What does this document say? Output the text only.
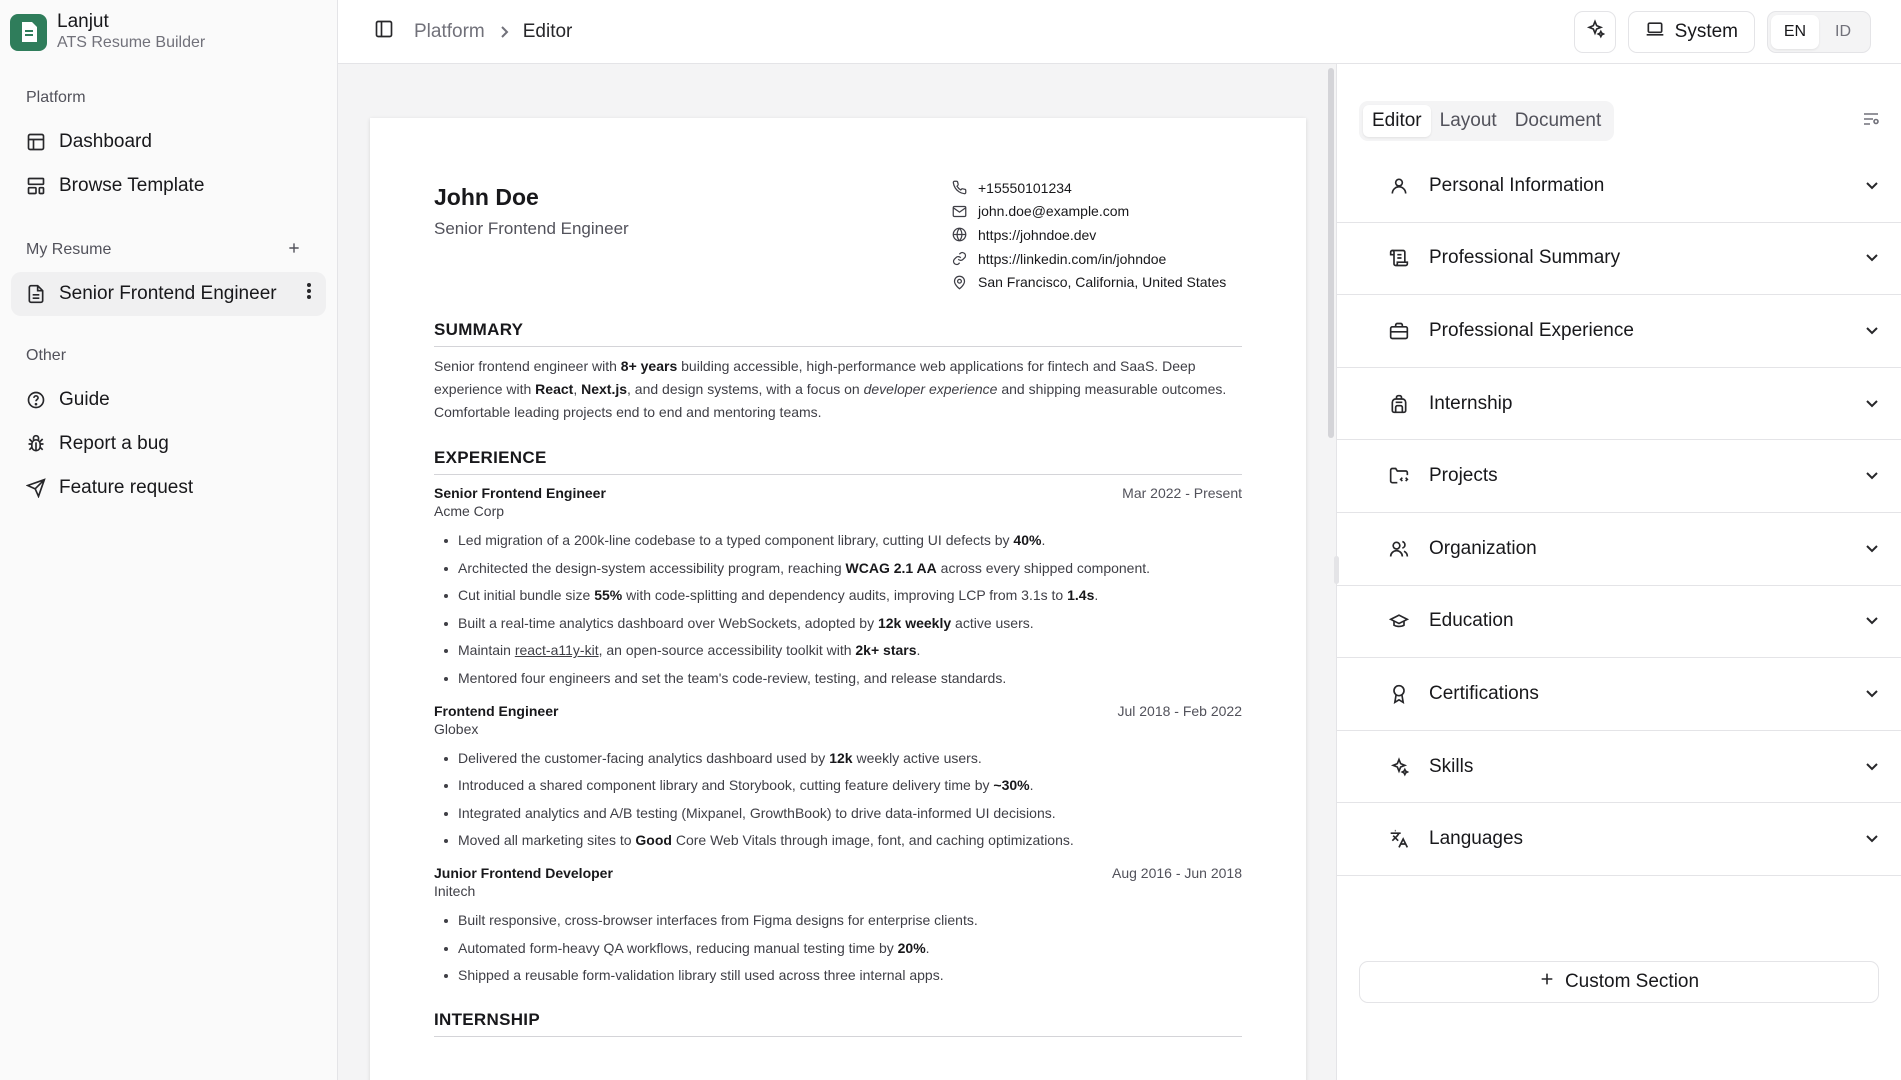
Lanjut
ATS Resume Builder
Platform
Dashboard
Browse Template
My Resume
Senior Frontend Engineer
Other
Guide
Report a bug
Feature request
Platform Editor	System	EN	ID
John Doe
Senior Frontend Engineer
+15550101234
john.doe@example.com
https://johndoe.dev
https://linkedin.com/in/johndoe
San Francisco, California, United States
SUMMARY

Senior frontend engineer with 8+ years building accessible, high-performance web applications for fintech and SaaS. Deep experience with React, Next.js, and design systems, with a focus on developer experience and shipping measurable outcomes. Comfortable leading projects end to end and mentoring teams.

EXPERIENCE
Senior Frontend Engineer	Mar 2022 - Present
Acme Corp
Led migration of a 200k-line codebase to a typed component library, cutting UI defects by 40%.
Architected the design-system accessibility program, reaching WCAG 2.1 AA across every shipped component.
Cut initial bundle size 55% with code-splitting and dependency audits, improving LCP from 3.1s to 1.4s.
Built a real-time analytics dashboard over WebSockets, adopted by 12k weekly active users.
Maintain react-a11y-kit, an open-source accessibility toolkit with 2k+ stars.
Mentored four engineers and set the team's code-review, testing, and release standards.
Frontend Engineer	Jul 2018 - Feb 2022
Globex
Delivered the customer-facing analytics dashboard used by 12k weekly active users.
Introduced a shared component library and Storybook, cutting feature delivery time by ~30%.
Integrated analytics and A/B testing (Mixpanel, GrowthBook) to drive data-informed UI decisions.
Moved all marketing sites to Good Core Web Vitals through image, font, and caching optimizations.
Junior Frontend Developer	Aug 2016 - Jun 2018
Initech
Built responsive, cross-browser interfaces from Figma designs for enterprise clients.
Automated form-heavy QA workflows, reducing manual testing time by 20%.
Shipped a reusable form-validation library still used across three internal apps.
INTERNSHIP
Editor Layout Document
Personal Information
Professional Summary
Professional Experience
Internship
Projects
Organization
Education
Certifications
Skills
Languages
Custom Section
